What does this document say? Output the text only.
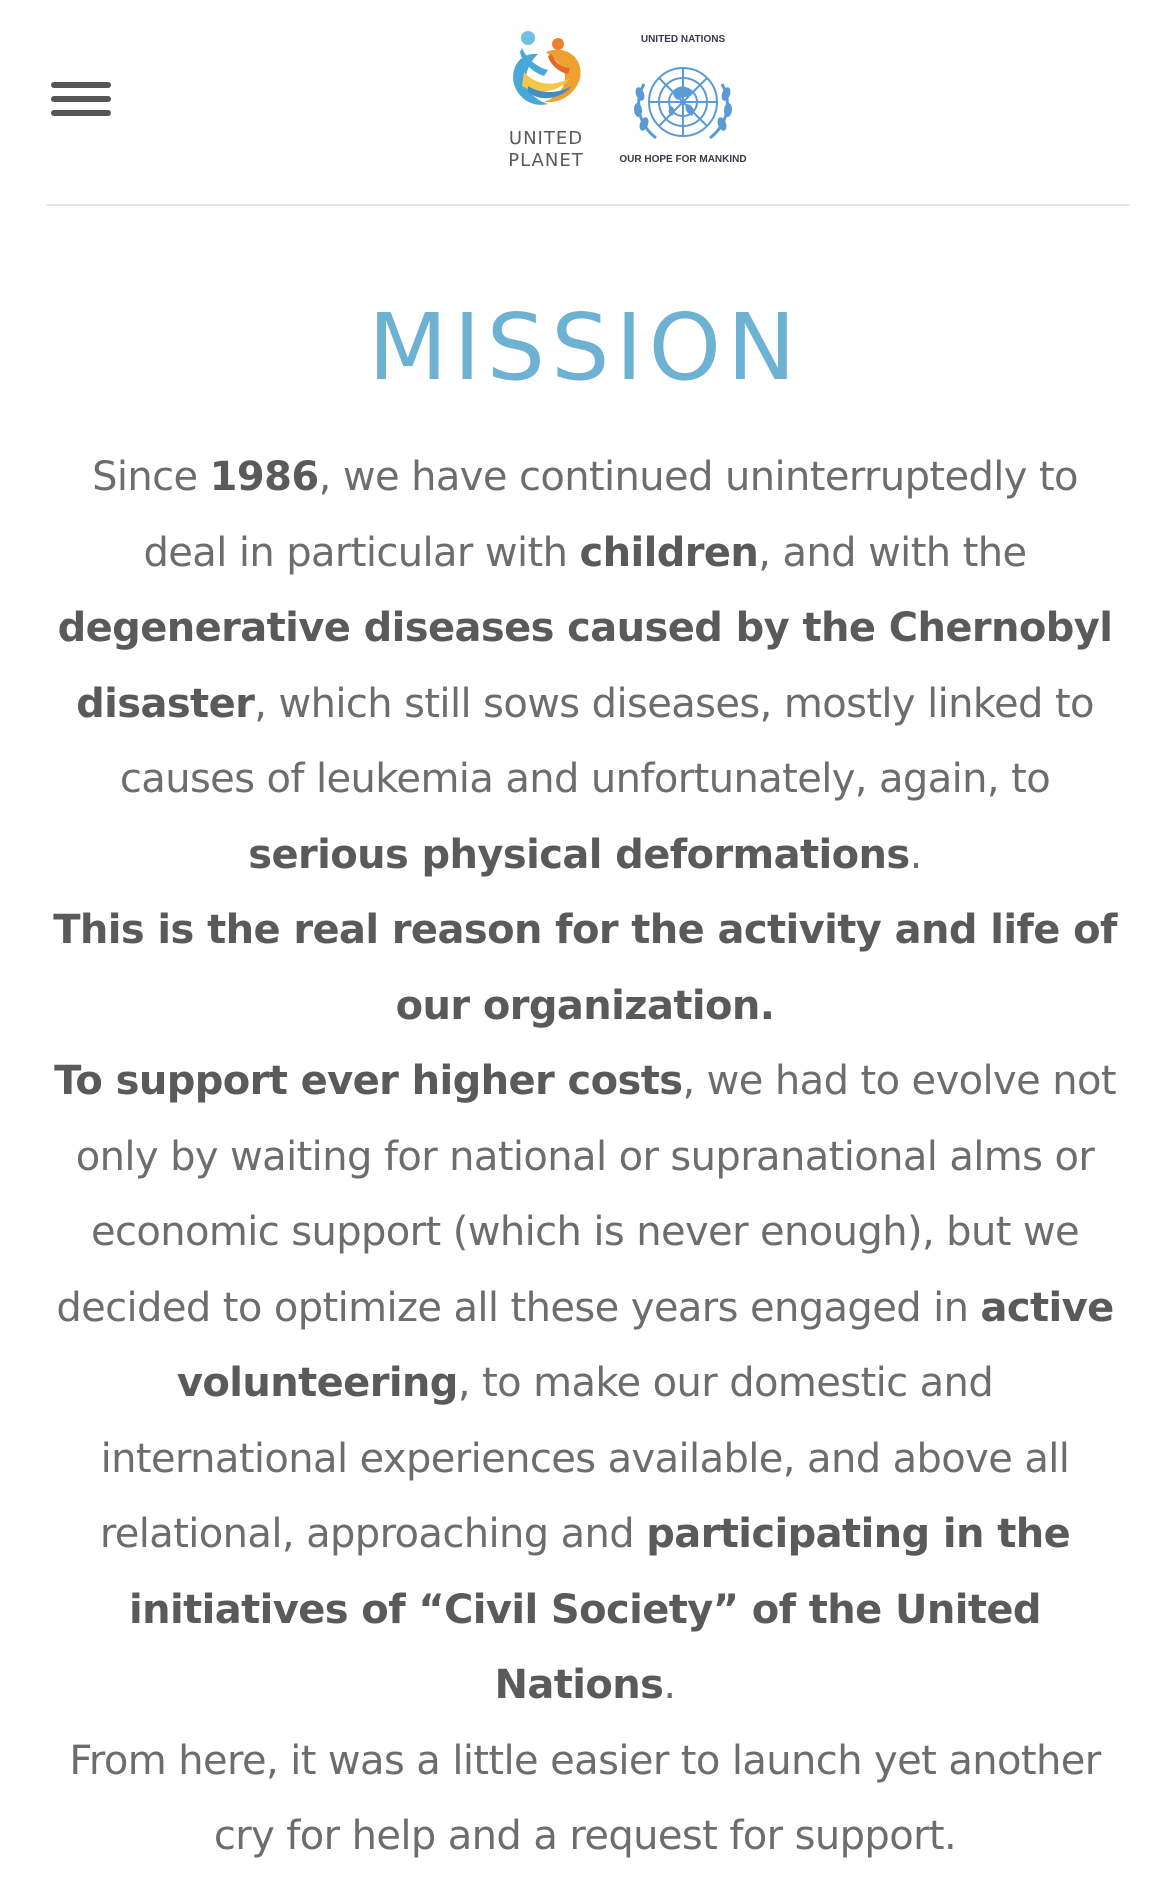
UNITED
PLANET
UNITED NATIONS
OUR HOPE FOR MANKIND
MISSION

Since 1986, we have continued uninterruptedly to deal in particular with children, and with the degenerative diseases caused by the Chernobyl disaster, which still sows diseases, mostly linked to causes of leukemia and unfortunately, again, to serious physical deformations.

This is the real reason for the activity and life of our organization.

To support ever higher costs, we had to evolve not only by waiting for national or supranational alms or economic support (which is never enough), but we decided to optimize all these years engaged in active volunteering, to make our domestic and international experiences available, and above all relational, approaching and participating in the initiatives of “Civil Society” of the United Nations.

From here, it was a little easier to launch yet another cry for help and a request for support.
